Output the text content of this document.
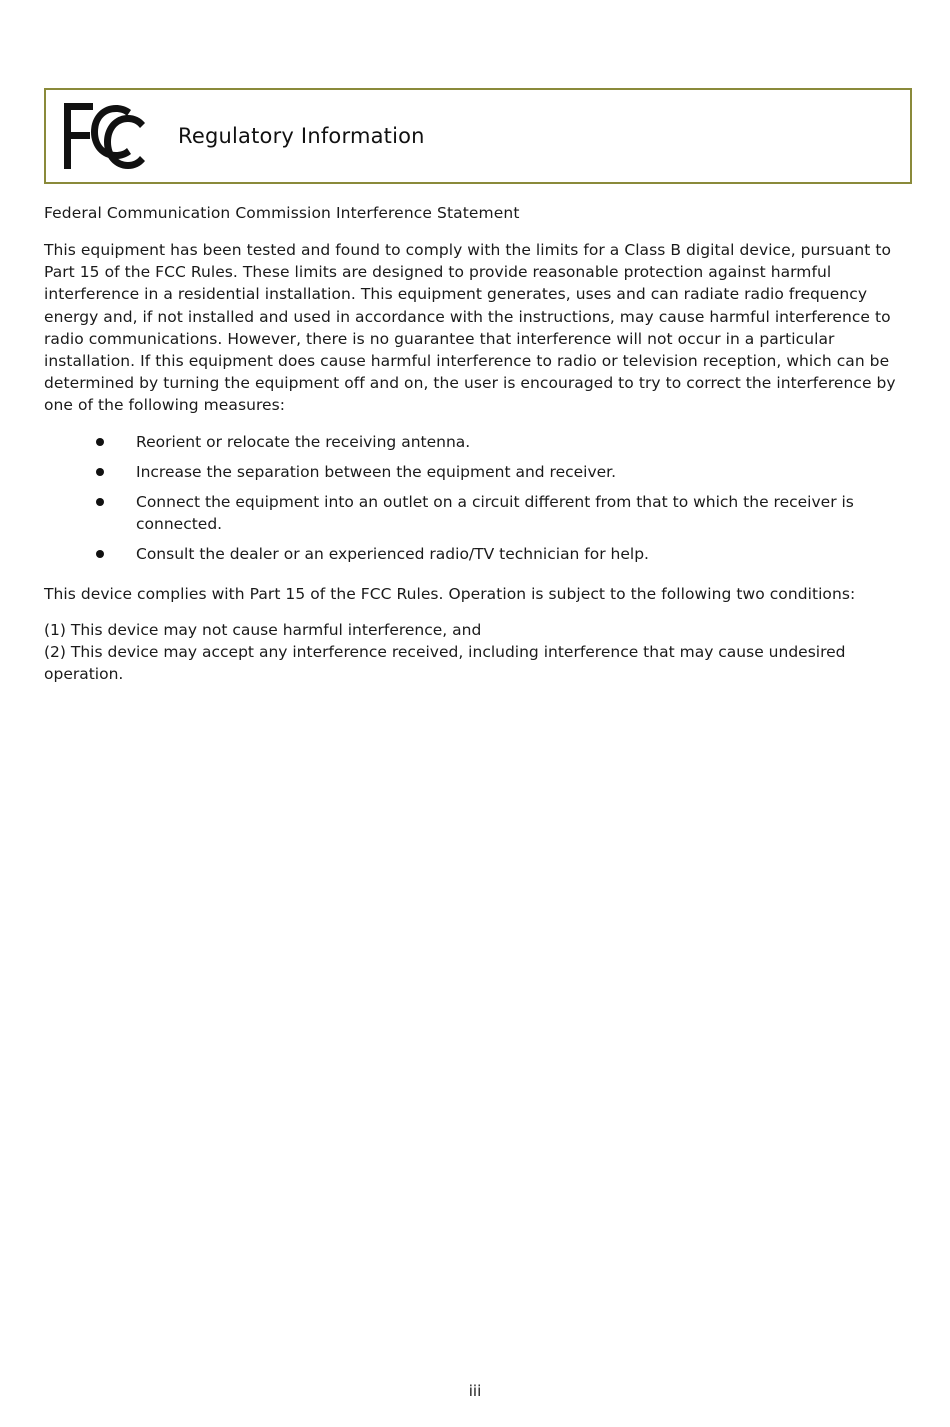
Regulatory Information
Federal Communication Commission Interference Statement

This equipment has been tested and found to comply with the limits for a Class B digital device, pursuant to Part 15 of the FCC Rules. These limits are designed to provide reasonable protection against harmful interference in a residential installation. This equipment generates, uses and can radiate radio frequency energy and, if not installed and used in accordance with the instructions, may cause harmful interference to radio communications. However, there is no guarantee that interference will not occur in a particular installation. If this equipment does cause harmful interference to radio or television reception, which can be determined by turning the equipment off and on, the user is encouraged to try to correct the interference by one of the following measures:

Reorient or relocate the receiving antenna.
Increase the separation between the equipment and receiver.
Connect the equipment into an outlet on a circuit different from that to which the receiver is connected.
Consult the dealer or an experienced radio/TV technician for help.

This device complies with Part 15 of the FCC Rules. Operation is subject to the following two conditions:

(1) This device may not cause harmful interference, and
(2) This device may accept any interference received, including interference that may cause undesired operation.
iii
